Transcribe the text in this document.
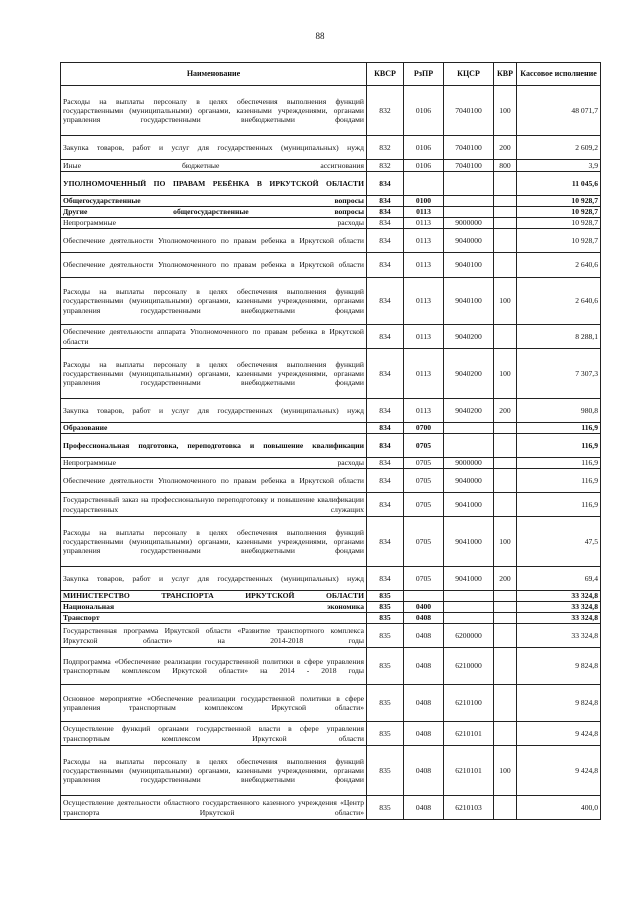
88
Наименование	КВСР	РзПР	КЦСР	КВР	Кассовое исполнение
Расходы на выплаты персоналу в целях обеспечения выполнения функций государственными (муниципальными) органами, казенными учреждениями, органами управления государственными внебюджетными фондами	832	0106	7040100	100	48 071,7
Закупка товаров, работ и услуг для государственных (муниципальных) нужд	832	0106	7040100	200	2 609,2
Иные бюджетные ассигнования	832	0106	7040100	800	3,9
УПОЛНОМОЧЕННЫЙ ПО ПРАВАМ РЕБЁНКА В ИРКУТСКОЙ ОБЛАСТИ	834				11 045,6
Общегосударственные вопросы	834	0100			10 928,7
Другие общегосударственные вопросы	834	0113			10 928,7
Непрограммные расходы	834	0113	9000000		10 928,7
Обеспечение деятельности Уполномоченного по правам ребенка в Иркутской области	834	0113	9040000		10 928,7
Обеспечение деятельности Уполномоченного по правам ребенка в Иркутской области	834	0113	9040100		2 640,6
Расходы на выплаты персоналу в целях обеспечения выполнения функций государственными (муниципальными) органами, казенными учреждениями, органами управления государственными внебюджетными фондами	834	0113	9040100	100	2 640,6
Обеспечение деятельности аппарата Уполномоченного по правам ребенка в Иркутской области	834	0113	9040200		8 288,1
Расходы на выплаты персоналу в целях обеспечения выполнения функций государственными (муниципальными) органами, казенными учреждениями, органами управления государственными внебюджетными фондами	834	0113	9040200	100	7 307,3
Закупка товаров, работ и услуг для государственных (муниципальных) нужд	834	0113	9040200	200	980,8
Образование	834	0700			116,9
Профессиональная подготовка, переподготовка и повышение квалификации	834	0705			116,9
Непрограммные расходы	834	0705	9000000		116,9
Обеспечение деятельности Уполномоченного по правам ребенка в Иркутской области	834	0705	9040000		116,9
Государственный заказ на профессиональную переподготовку и повышение квалификации государственных служащих	834	0705	9041000		116,9
Расходы на выплаты персоналу в целях обеспечения выполнения функций государственными (муниципальными) органами, казенными учреждениями, органами управления государственными внебюджетными фондами	834	0705	9041000	100	47,5
Закупка товаров, работ и услуг для государственных (муниципальных) нужд	834	0705	9041000	200	69,4
МИНИСТЕРСТВО ТРАНСПОРТА ИРКУТСКОЙ ОБЛАСТИ	835				33 324,8
Национальная экономика	835	0400			33 324,8
Транспорт	835	0408			33 324,8
Государственная программа Иркутской области «Развитие транспортного комплекса Иркутской области» на 2014-2018 годы	835	0408	6200000		33 324,8
Подпрограмма «Обеспечение реализации государственной политики в сфере управления транспортным комплексом Иркутской области» на 2014 - 2018 годы	835	0408	6210000		9 824,8
Основное мероприятие «Обеспечение реализации государственной политики в сфере управления транспортным комплексом Иркутской области»	835	0408	6210100		9 824,8
Осуществление функций органами государственной власти в сфере управления транспортным комплексом Иркутской области	835	0408	6210101		9 424,8
Расходы на выплаты персоналу в целях обеспечения выполнения функций государственными (муниципальными) органами, казенными учреждениями, органами управления государственными внебюджетными фондами	835	0408	6210101	100	9 424,8
Осуществление деятельности областного государственного казенного учреждения «Центр транспорта Иркутской области»	835	0408	6210103		400,0
